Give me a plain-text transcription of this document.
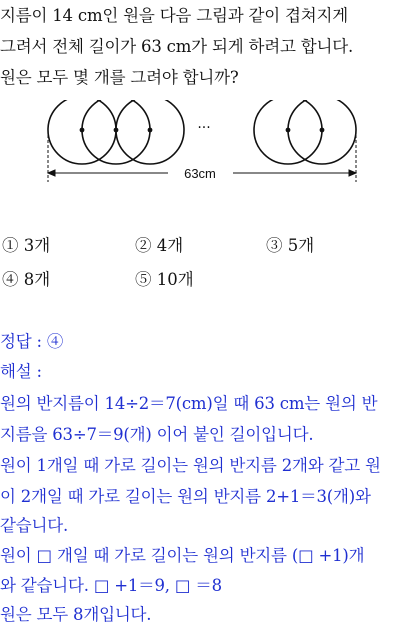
지름이 14 cm인 원을 다음 그림과 같이 겹쳐지게
그려서 전체 길이가 63 cm가 되게 하려고 합니다.
원은 모두 몇 개를 그려야 합니까?
···
63cm
① 3개	② 4개	③ 5개
④ 8개	⑤ 10개
정답 : ④
해설 :
원의 반지름이 14÷2＝7(cm)일 때 63 cm는 원의 반
지름을 63÷7＝9(개) 이어 붙인 길이입니다.
원이 1개일 때 가로 길이는 원의 반지름 2개와 같고 원
이 2개일 때 가로 길이는 원의 반지름 2+1＝3(개)와
같습니다.
원이 □ 개일 때 가로 길이는 원의 반지름 (□ +1)개
와 같습니다. □ +1＝9, □ ＝8
원은 모두 8개입니다.
